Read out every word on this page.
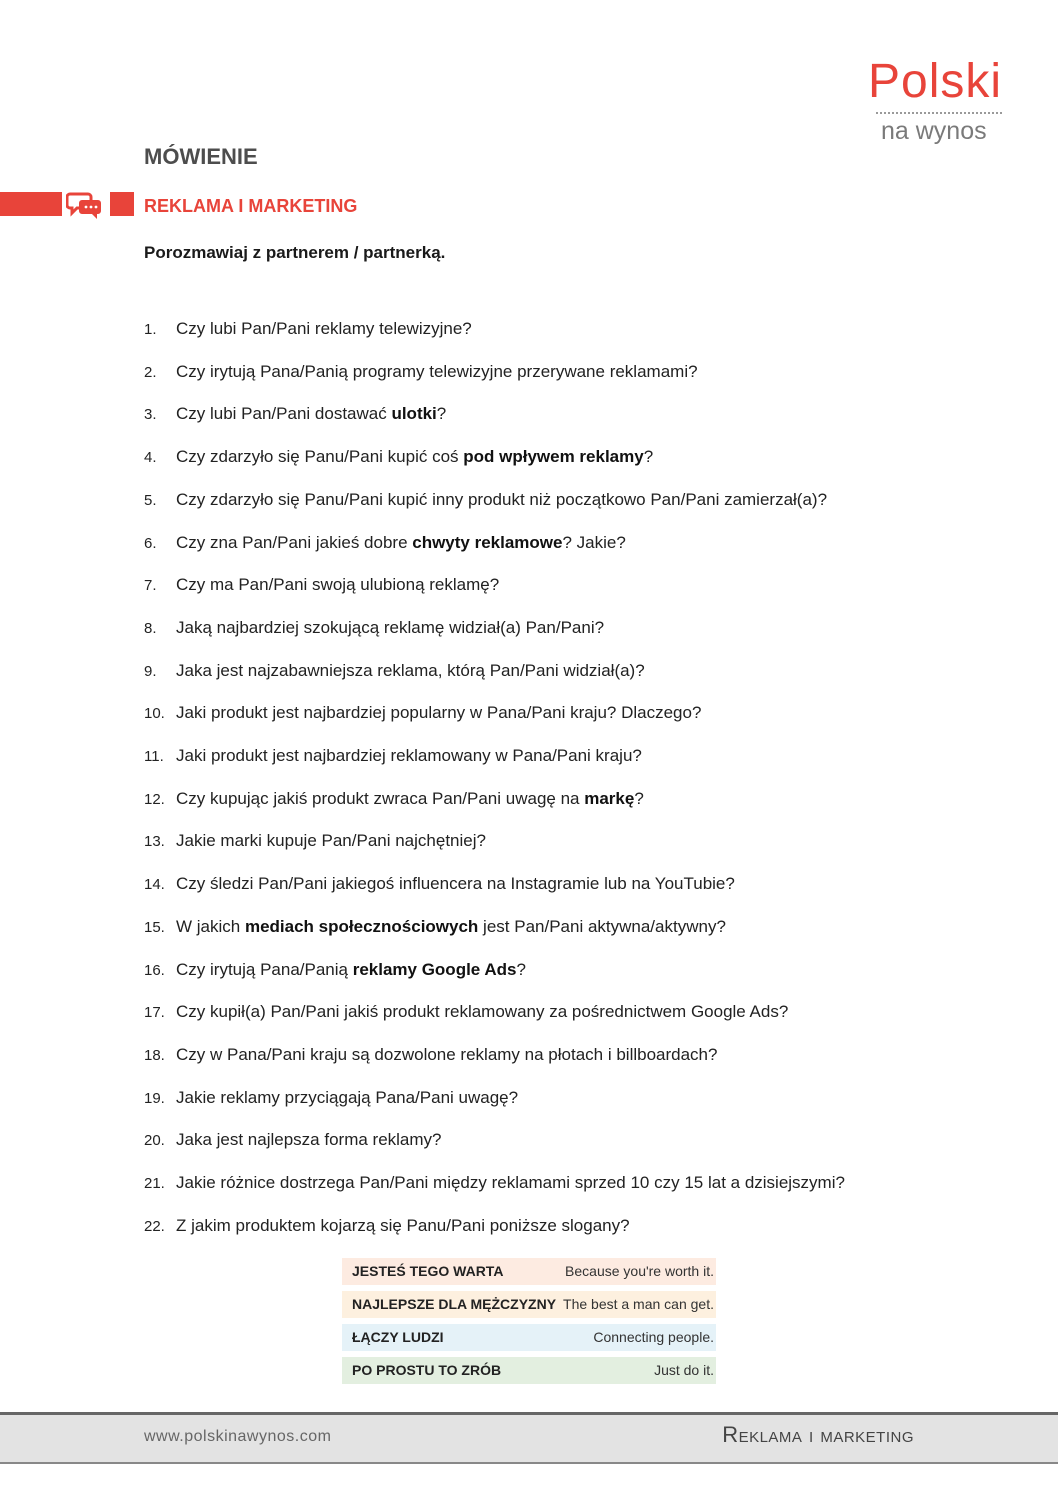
Polski
na wynos
MÓWIENIE
REKLAMA I MARKETING
Porozmawiaj z partnerem / partnerką.
1. Czy lubi Pan/Pani reklamy telewizyjne?
2. Czy irytują Pana/Panią programy telewizyjne przerywane reklamami?
3. Czy lubi Pan/Pani dostawać ulotki?
4. Czy zdarzyło się Panu/Pani kupić coś pod wpływem reklamy?
5. Czy zdarzyło się Panu/Pani kupić inny produkt niż początkowo Pan/Pani zamierzał(a)?
6. Czy zna Pan/Pani jakieś dobre chwyty reklamowe? Jakie?
7. Czy ma Pan/Pani swoją ulubioną reklamę?
8. Jaką najbardziej szokującą reklamę widział(a) Pan/Pani?
9. Jaka jest najzabawniejsza reklama, którą Pan/Pani widział(a)?
10. Jaki produkt jest najbardziej popularny w Pana/Pani kraju? Dlaczego?
11. Jaki produkt jest najbardziej reklamowany w Pana/Pani kraju?
12. Czy kupując jakiś produkt zwraca Pan/Pani uwagę na markę?
13. Jakie marki kupuje Pan/Pani najchętniej?
14. Czy śledzi Pan/Pani jakiegoś influencera na Instagramie lub na YouTubie?
15. W jakich mediach społecznościowych jest Pan/Pani aktywna/aktywny?
16. Czy irytują Pana/Panią reklamy Google Ads?
17. Czy kupił(a) Pan/Pani jakiś produkt reklamowany za pośrednictwem Google Ads?
18. Czy w Pana/Pani kraju są dozwolone reklamy na płotach i billboardach?
19. Jakie reklamy przyciągają Pana/Pani uwagę?
20. Jaka jest najlepsza forma reklamy?
21. Jakie różnice dostrzega Pan/Pani między reklamami sprzed 10 czy 15 lat a dzisiejszymi?
22. Z jakim produktem kojarzą się Panu/Pani poniższe slogany?
JESTEŚ TEGO WARTA	Because you're worth it.
NAJLEPSZE DLA MĘŻCZYZNY The best a man can get.
ŁĄCZY LUDZI	Connecting people.
PO PROSTU TO ZRÓB	Just do it.
www.polskinawynos.com	Reklama i marketing
